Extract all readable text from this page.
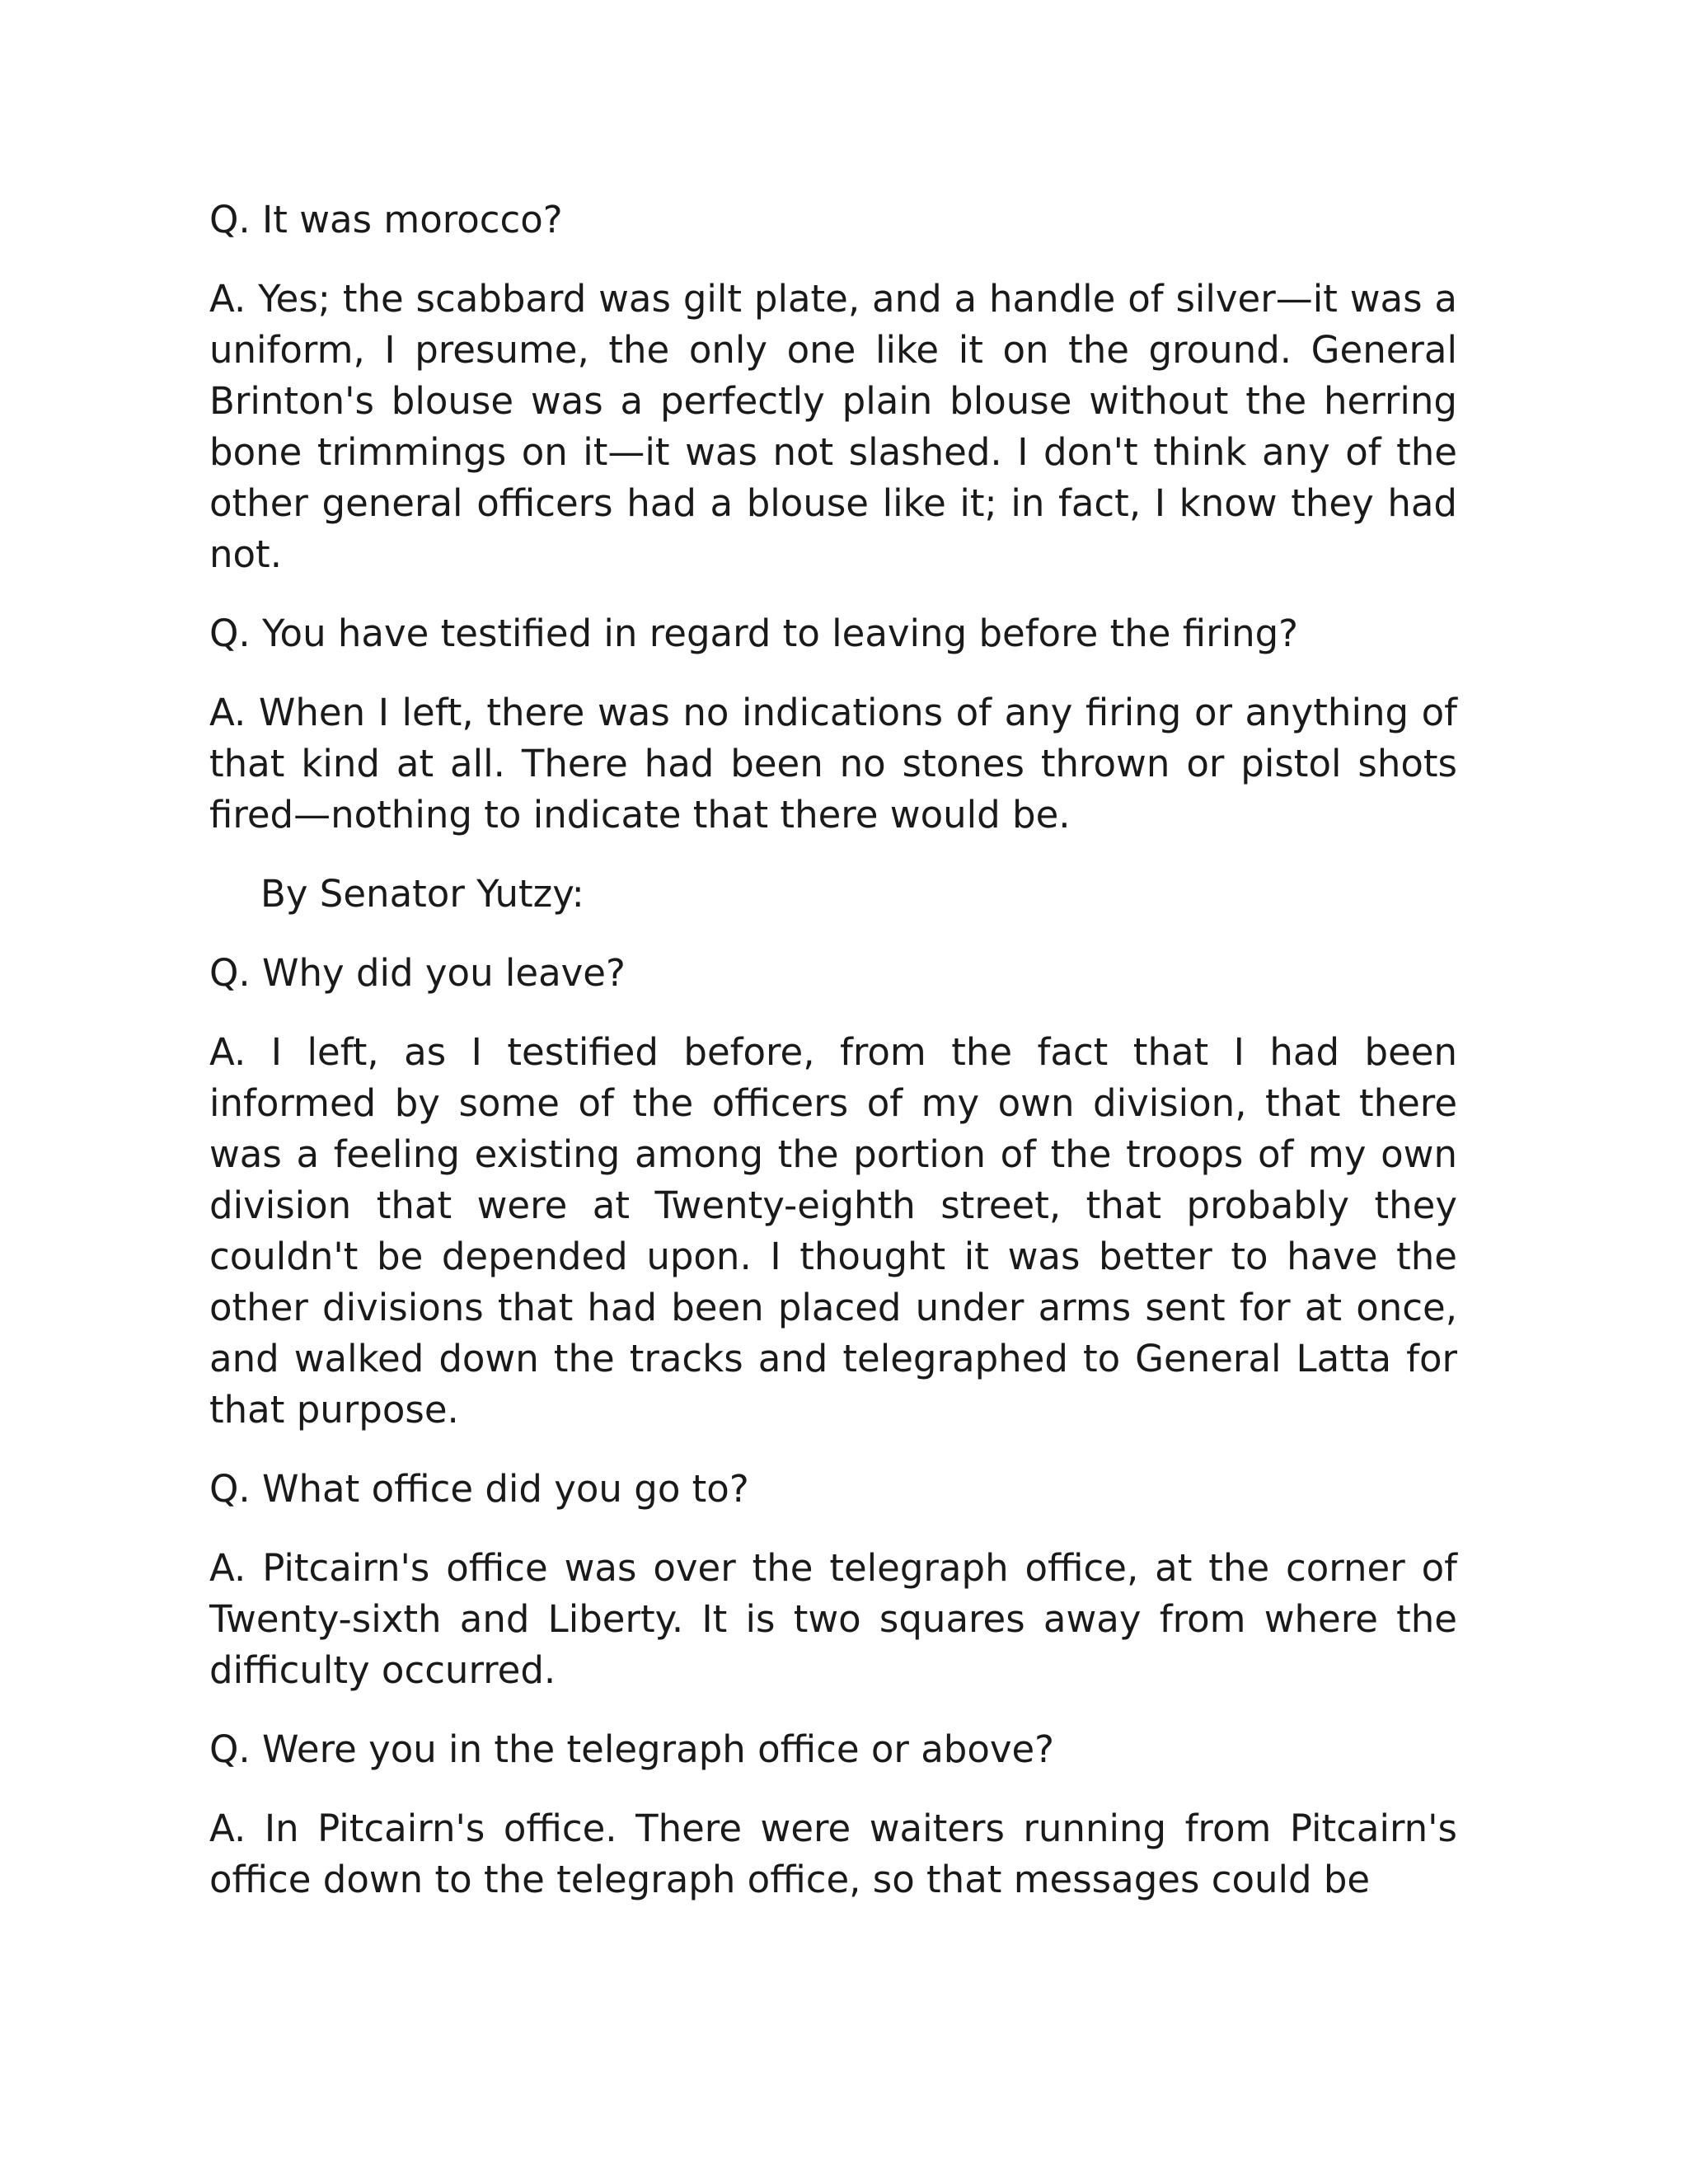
Q. It was morocco?

A. Yes; the scabbard was gilt plate, and a handle of silver—it was a uniform, I presume, the only one like it on the ground. General Brinton's blouse was a perfectly plain blouse without the herring bone trimmings on it—it was not slashed. I don't think any of the other general officers had a blouse like it; in fact, I know they had not.

Q. You have testified in regard to leaving before the firing?

A. When I left, there was no indications of any firing or anything of that kind at all. There had been no stones thrown or pistol shots fired—nothing to indicate that there would be.

By Senator Yutzy:

Q. Why did you leave?

A. I left, as I testified before, from the fact that I had been informed by some of the officers of my own division, that there was a feeling existing among the portion of the troops of my own division that were at Twenty-eighth street, that probably they couldn't be depended upon. I thought it was better to have the other divisions that had been placed under arms sent for at once, and walked down the tracks and telegraphed to General Latta for that purpose.

Q. What office did you go to?

A. Pitcairn's office was over the telegraph office, at the corner of Twenty-sixth and Liberty. It is two squares away from where the difficulty occurred.

Q. Were you in the telegraph office or above?

A. In Pitcairn's office. There were waiters running from Pitcairn's office down to the telegraph office, so that messages could be
